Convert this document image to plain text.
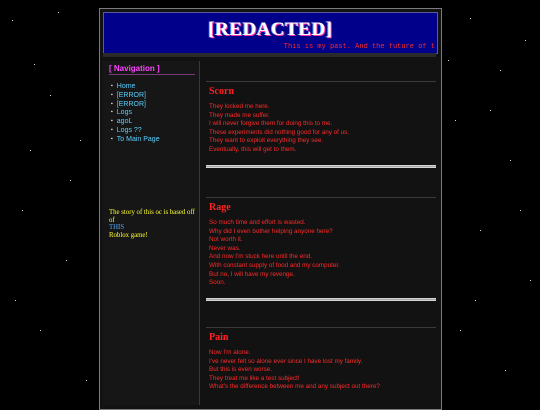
[REDACTED]
This is my past. And the future of t
[ Navigation ]
▪ Home
▪ [ERROR]
▪ [ERROR]
▪ Logs
▪ agoL
▪ Logs ??
▪ To Main Page
The story of this oc is based off of
THIS
Roblox game!
Scorn

They locked me here.

They made me suffer.

I will never forgive them for doing this to me.

These experiments did nothing good for any of us.

They want to exploit everything they see.

Eventually, this will get to them.

Rage

So much time and effort is wasted.

Why did I even bother helping anyone here?

Not worth it.

Never was.

And now I'm stuck here until the end.

With constant supply of food and my computer.

But no, I will have my revenge.

Soon.

Pain

Now I'm alone.

I've never felt so alone ever since I have lost my family.

But this is even worse.

They treat me like a test subject!

What's the difference between me and any subject out there?
